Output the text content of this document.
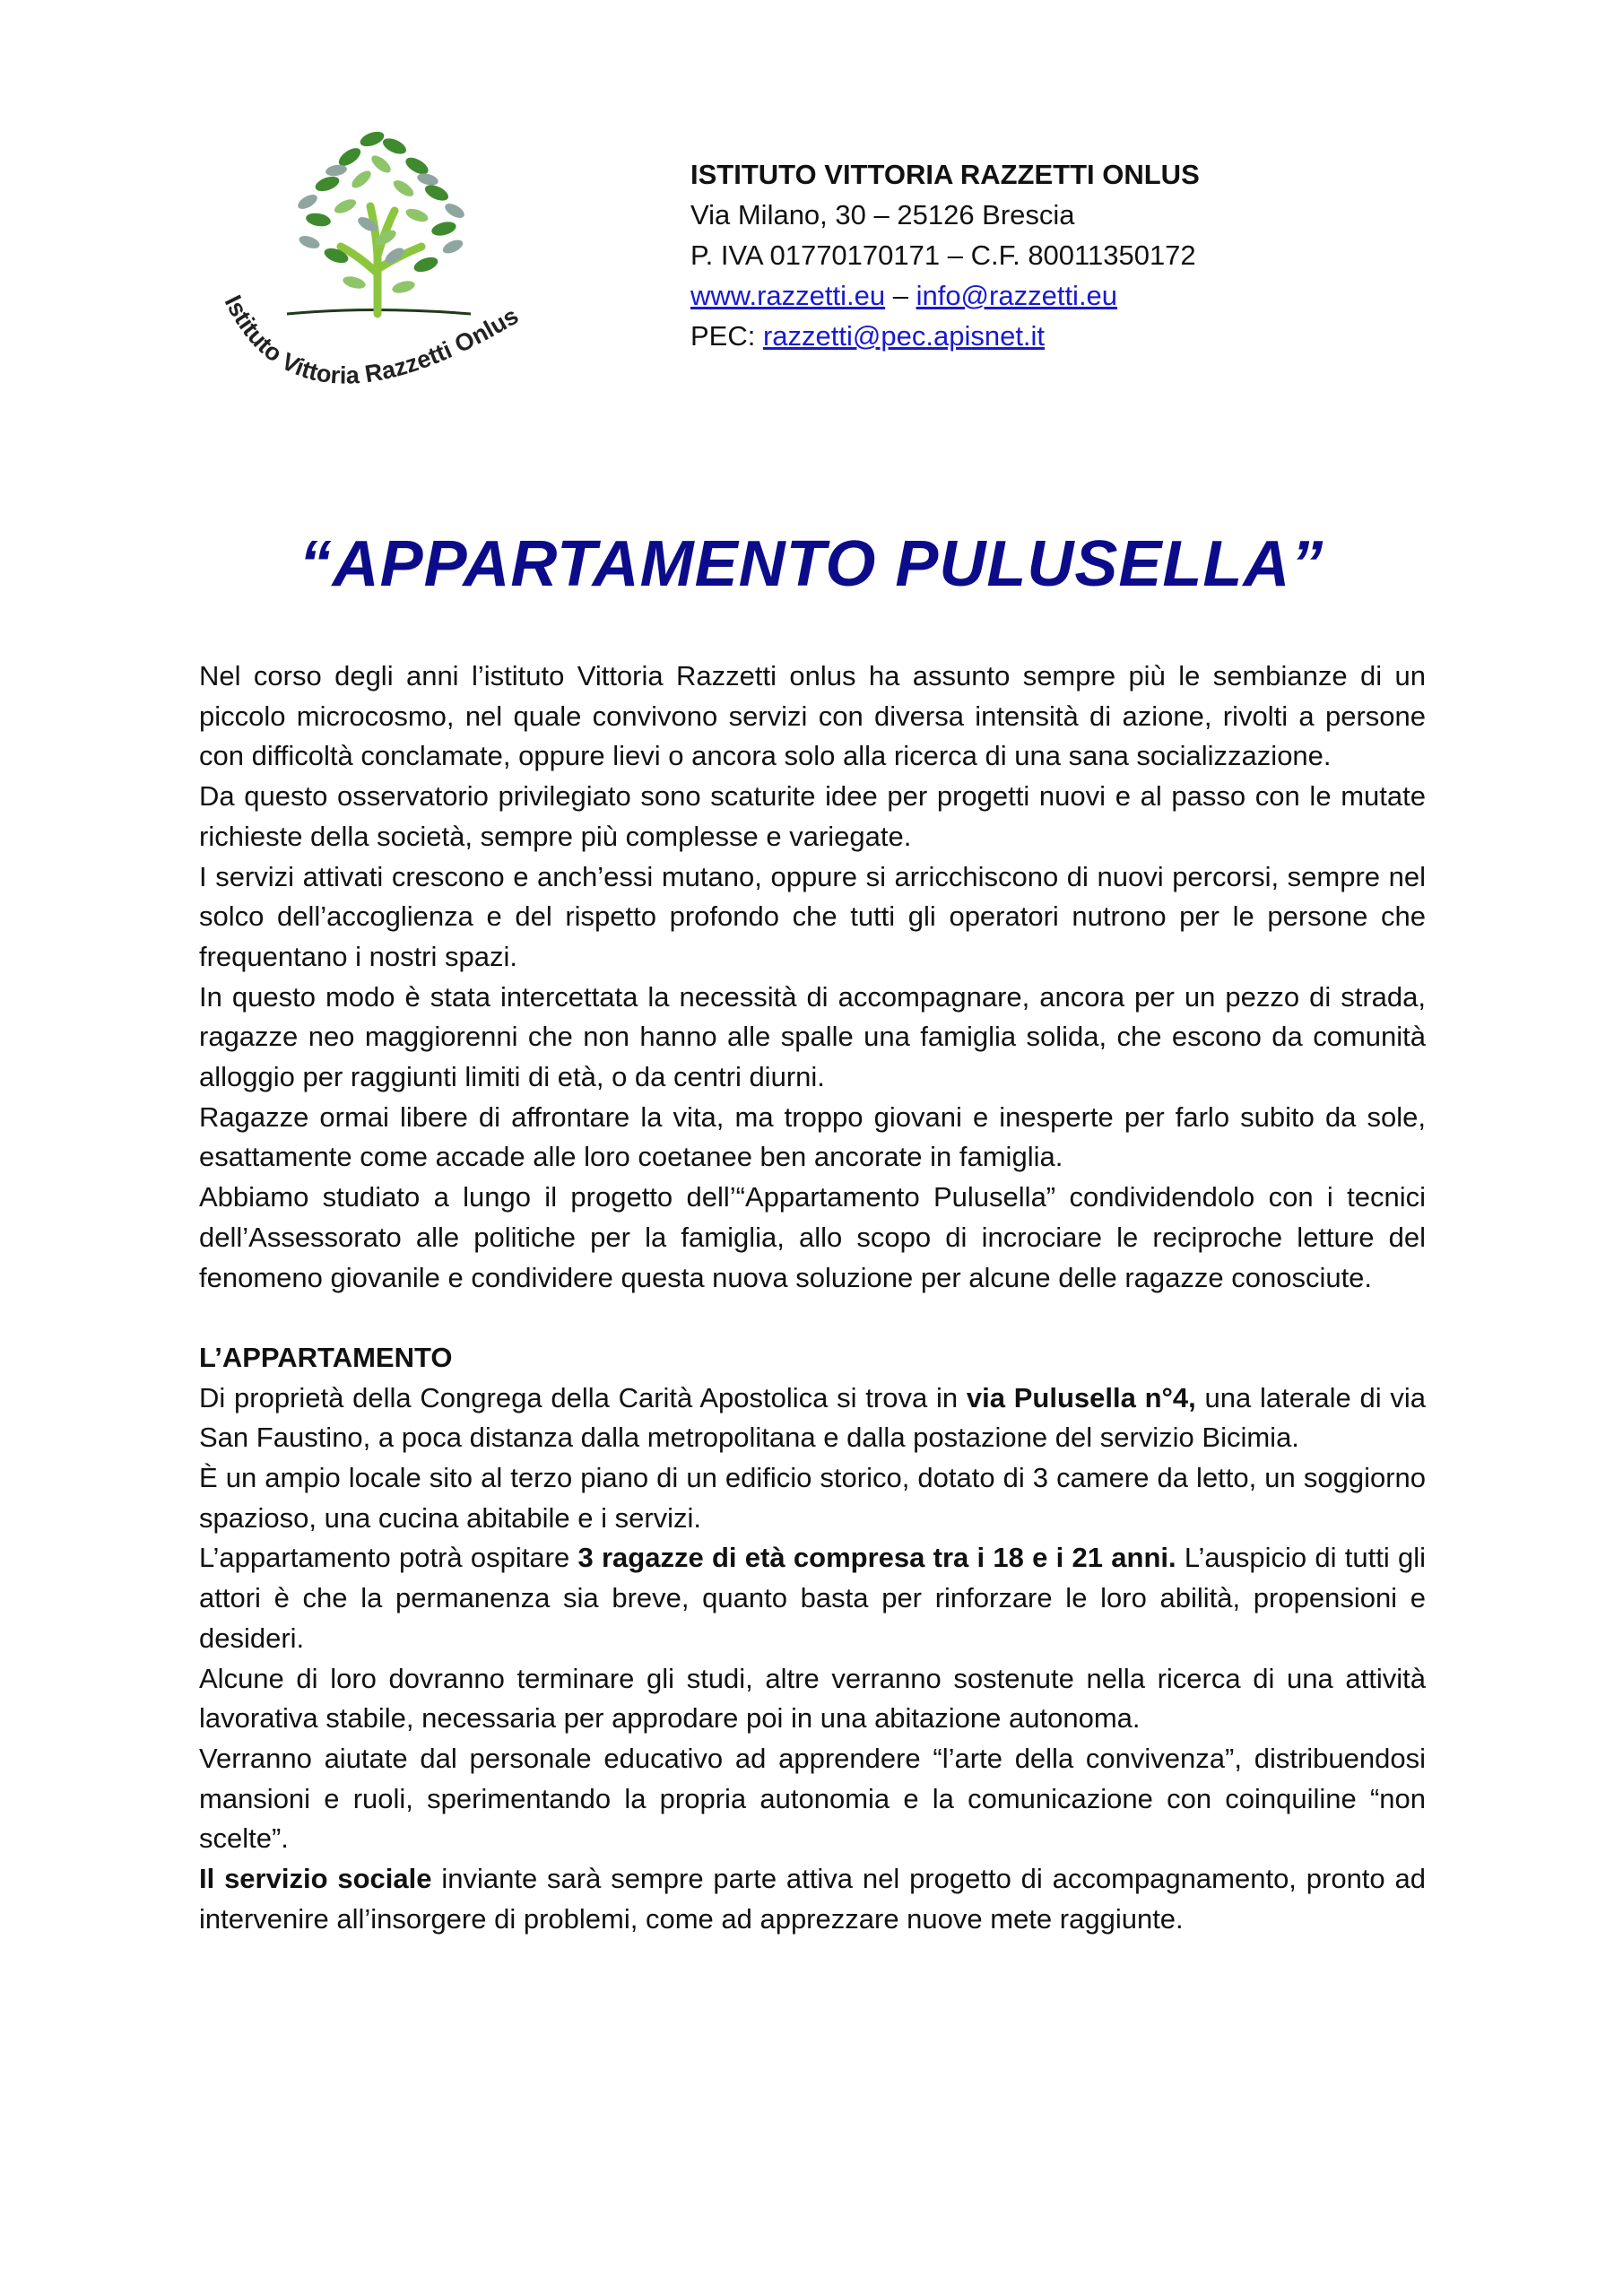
Istituto Vittoria Razzetti Onlus
ISTITUTO VITTORIA RAZZETTI ONLUS
Via Milano, 30 – 25126 Brescia
P. IVA 01770170171 – C.F. 80011350172
www.razzetti.eu – info@razzetti.eu
PEC: razzetti@pec.apisnet.it
“APPARTAMENTO PULUSELLA”

Nel corso degli anni l’istituto Vittoria Razzetti onlus ha assunto sempre più le sembianze di un piccolo microcosmo, nel quale convivono servizi con diversa intensità di azione, rivolti a persone con difficoltà conclamate, oppure lievi o ancora solo alla ricerca di una sana socializzazione.

Da questo osservatorio privilegiato sono scaturite idee per progetti nuovi e al passo con le mutate richieste della società, sempre più complesse e variegate.

I servizi attivati crescono e anch’essi mutano, oppure si arricchiscono di nuovi percorsi, sempre nel solco dell’accoglienza e del rispetto profondo che tutti gli operatori nutrono per le persone che frequentano i nostri spazi.

In questo modo è stata intercettata la necessità di accompagnare, ancora per un pezzo di strada, ragazze neo maggiorenni che non hanno alle spalle una famiglia solida, che escono da comunità alloggio per raggiunti limiti di età, o da centri diurni.

Ragazze ormai libere di affrontare la vita, ma troppo giovani e inesperte per farlo subito da sole, esattamente come accade alle loro coetanee ben ancorate in famiglia.

Abbiamo studiato a lungo il progetto dell’“Appartamento Pulusella” condividendolo con i tecnici dell’Assessorato alle politiche per la famiglia, allo scopo di incrociare le reciproche letture del fenomeno giovanile e condividere questa nuova soluzione per alcune delle ragazze conosciute.

L’APPARTAMENTO

Di proprietà della Congrega della Carità Apostolica si trova in via Pulusella n°4, una laterale di via San Faustino, a poca distanza dalla metropolitana e dalla postazione del servizio Bicimia.

È un ampio locale sito al terzo piano di un edificio storico, dotato di 3 camere da letto, un soggiorno spazioso, una cucina abitabile e i servizi.

L’appartamento potrà ospitare 3 ragazze di età compresa tra i 18 e i 21 anni. L’auspicio di tutti gli attori è che la permanenza sia breve, quanto basta per rinforzare le loro abilità, propensioni e desideri.

Alcune di loro dovranno terminare gli studi, altre verranno sostenute nella ricerca di una attività lavorativa stabile, necessaria per approdare poi in una abitazione autonoma.

Verranno aiutate dal personale educativo ad apprendere “l’arte della convivenza”, distribuendosi mansioni e ruoli, sperimentando la propria autonomia e la comunicazione con coinquiline “non scelte”.

Il servizio sociale inviante sarà sempre parte attiva nel progetto di accompagnamento, pronto ad intervenire all’insorgere di problemi, come ad apprezzare nuove mete raggiunte.
